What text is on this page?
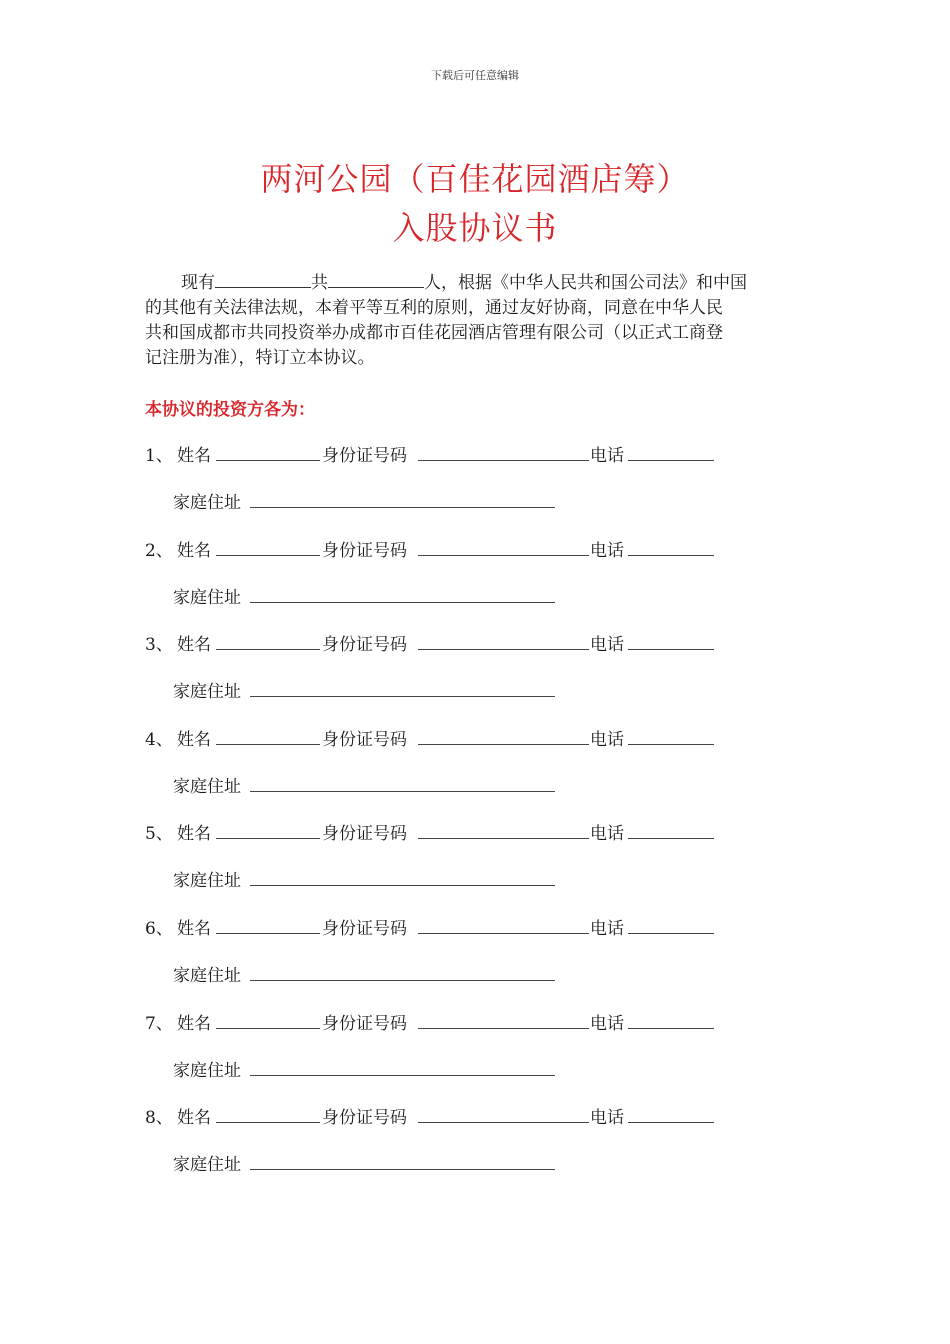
下载后可任意编辑
两河公园（百佳花园酒店筹）
入股协议书
现有	共	人，根据《中华人民共和国公司法》和中国
的其他有关法律法规，本着平等互利的原则，通过友好协商，同意在中华人民
共和国成都市共同投资举办成都市百佳花园酒店管理有限公司（以正式工商登
记注册为准），特订立本协议。
本协议的投资方各为：
1、 姓名	身份证号码	电话
家庭住址
2、 姓名	身份证号码	电话
家庭住址
3、 姓名	身份证号码	电话
家庭住址
4、 姓名	身份证号码	电话
家庭住址
5、 姓名	身份证号码	电话
家庭住址
6、 姓名	身份证号码	电话
家庭住址
7、 姓名	身份证号码	电话
家庭住址
8、 姓名	身份证号码	电话
家庭住址
